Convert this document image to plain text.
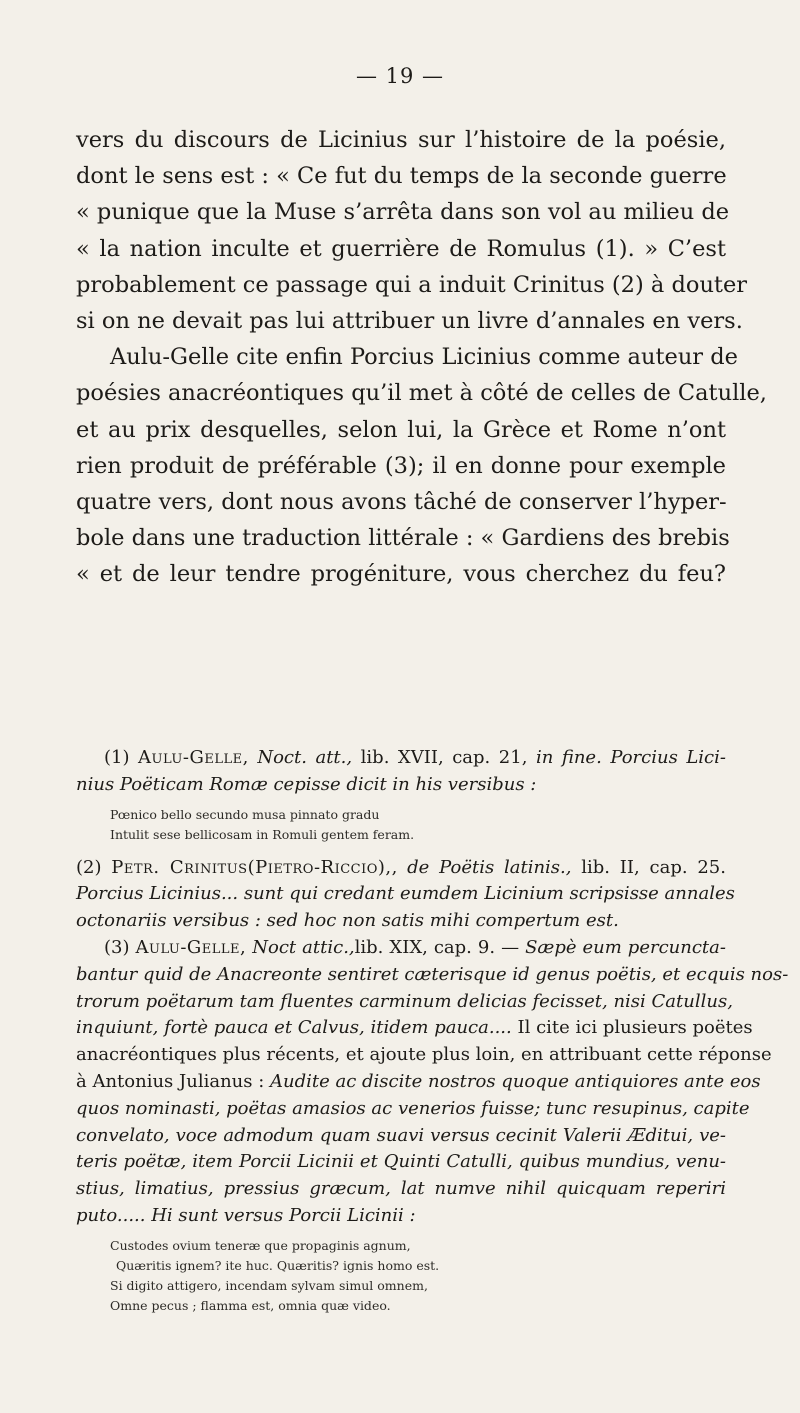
— 19 —
vers du discours de Licinius sur l’histoire de la poésie,
dont le sens est : « Ce fut du temps de la seconde guerre
« punique que la Muse s’arrêta dans son vol au milieu de
« la nation inculte et guerrière de Romulus (1). » C’est
probablement ce passage qui a induit Crinitus (2) à douter
si on ne devait pas lui attribuer un livre d’annales en vers.
Aulu-Gelle cite enfin Porcius Licinius comme auteur de
poésies anacréontiques qu’il met à côté de celles de Catulle,
et au prix desquelles, selon lui, la Grèce et Rome n’ont
rien produit de préférable (3); il en donne pour exemple
quatre vers, dont nous avons tâché de conserver l’hyper-
bole dans une traduction littérale : « Gardiens des brebis
« et de leur tendre progéniture, vous cherchez du feu?
(1) Aulu-Gelle, Noct. att., lib. XVII, cap. 21, in fine. Porcius Lici-
nius Poëticam Romæ cepisse dicit in his versibus :
Pœnico bello secundo musa pinnato gradu
Intulit sese bellicosam in Romuli gentem feram.
(2) Petr. Crinitus(Pietro-Riccio),, de Poëtis latinis., lib. II, cap. 25.
Porcius Licinius... sunt qui credant eumdem Licinium scripsisse annales
octonariis versibus : sed hoc non satis mihi compertum est.
(3) Aulu-Gelle, Noct attic.,lib. XIX, cap. 9. — Sæpè eum percuncta-
bantur quid de Anacreonte sentiret cæterisque id genus poëtis, et ecquis nos-
trorum poëtarum tam fluentes carminum delicias fecisset, nisi Catullus,
inquiunt, fortè pauca et Calvus, itidem pauca.... Il cite ici plusieurs poëtes
anacréontiques plus récents, et ajoute plus loin, en attribuant cette réponse
à Antonius Julianus : Audite ac discite nostros quoque antiquiores ante eos
quos nominasti, poëtas amasios ac venerios fuisse; tunc resupinus, capite
convelato, voce admodum quam suavi versus cecinit Valerii Æditui, ve-
teris poëtæ, item Porcii Licinii et Quinti Catulli, quibus mundius, venu-
stius, limatius, pressius græcum, lat numve nihil quicquam reperiri
puto..... Hi sunt versus Porcii Licinii :
Custodes ovium teneræ que propaginis agnum,
Quæritis ignem? ite huc. Quæritis? ignis homo est.
Si digito attigero, incendam sylvam simul omnem,
Omne pecus ; flamma est, omnia quæ video.
